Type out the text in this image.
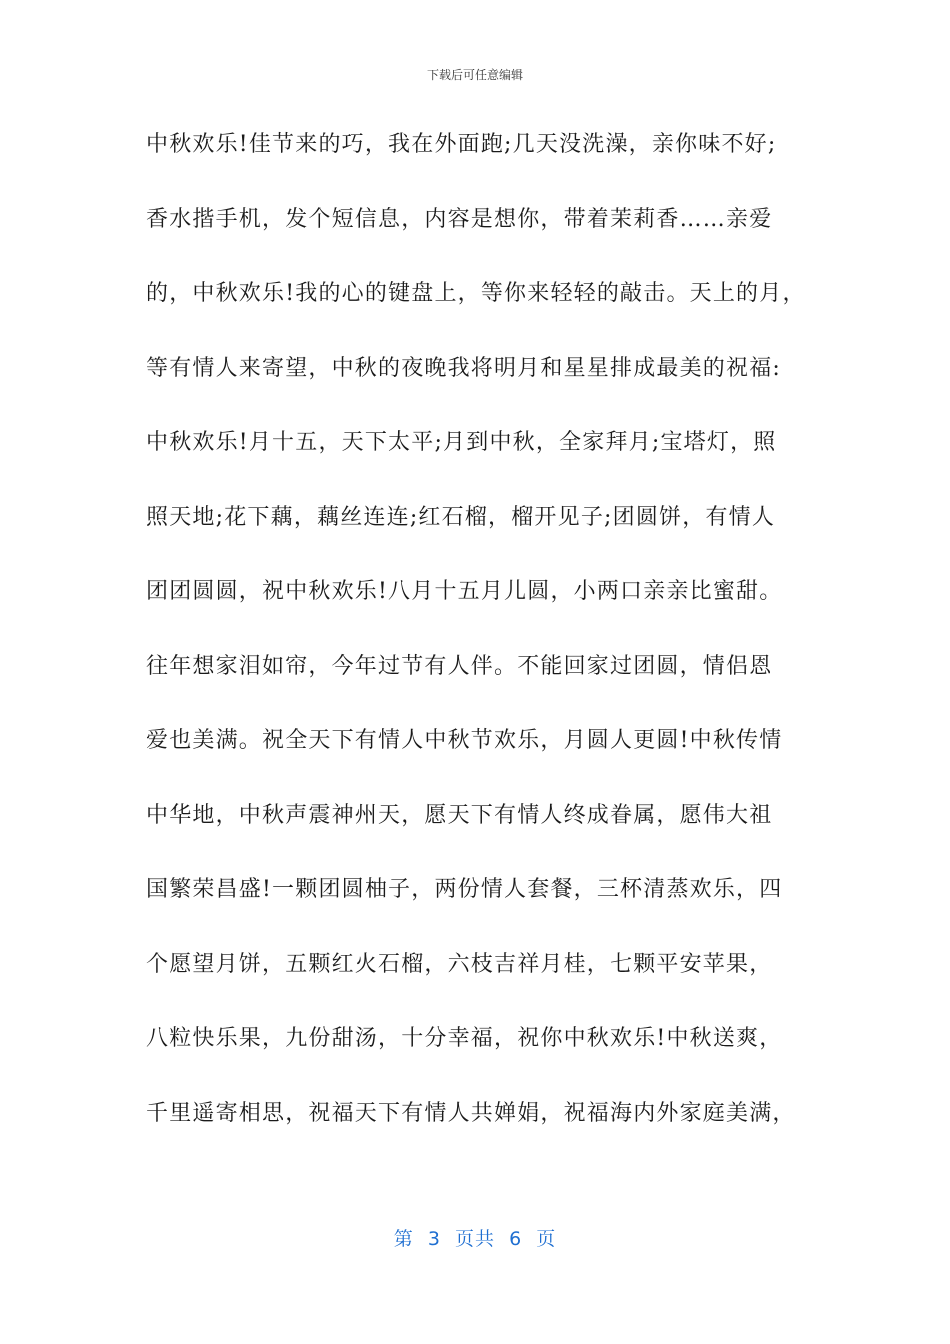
下载后可任意编辑
中秋欢乐!佳节来的巧，我在外面跑;几天没洗澡，亲你味不好;
香水揩手机，发个短信息，内容是想你，带着茉莉香……亲爱
的，中秋欢乐!我的心的键盘上，等你来轻轻的敲击。天上的月，
等有情人来寄望，中秋的夜晚我将明月和星星排成最美的祝福:
中秋欢乐!月十五，天下太平;月到中秋，全家拜月;宝塔灯，照
照天地;花下藕，藕丝连连;红石榴，榴开见子;团圆饼，有情人
团团圆圆，祝中秋欢乐!八月十五月儿圆，小两口亲亲比蜜甜。
往年想家泪如帘，今年过节有人伴。不能回家过团圆，情侣恩
爱也美满。祝全天下有情人中秋节欢乐，月圆人更圆!中秋传情
中华地，中秋声震神州天，愿天下有情人终成眷属，愿伟大祖
国繁荣昌盛!一颗团圆柚子，两份情人套餐，三杯清蒸欢乐，四
个愿望月饼，五颗红火石榴，六枝吉祥月桂，七颗平安苹果，
八粒快乐果，九份甜汤，十分幸福，祝你中秋欢乐!中秋送爽，
千里遥寄相思，祝福天下有情人共婵娟，祝福海内外家庭美满，
第  3  页共  6  页
